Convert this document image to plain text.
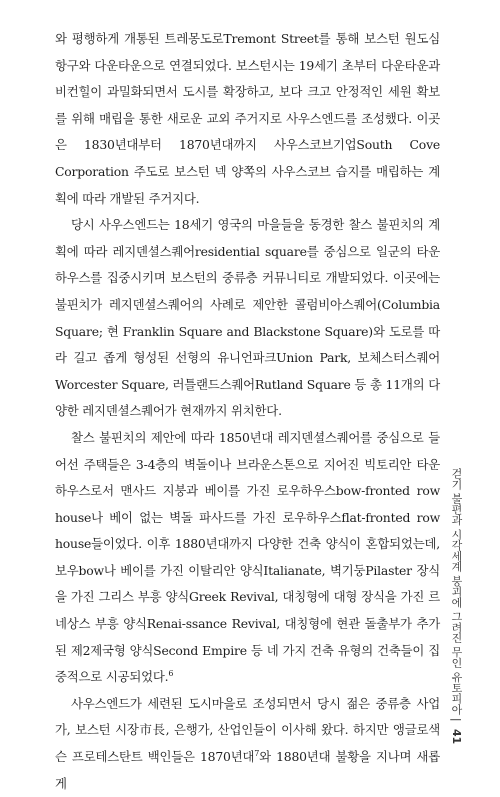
와 평행하게 개통된 트레몽도로Tremont Street를 통해 보스턴 원도심 항구와 다운타운으로 연결되었다. 보스턴시는 19세기 초부터 다운타운과 비컨힐이 과밀화되면서 도시를 확장하고, 보다 크고 안정적인 세원 확보를 위해 매립을 통한 새로운 교외 주거지로 사우스엔드를 조성했다. 이곳은 1830년대부터 1870년대까지 사우스코브기업South Cove Corporation 주도로 보스턴 넥 양쪽의 사우스코브 습지를 매립하는 계획에 따라 개발된 주거지다.

당시 사우스엔드는 18세기 영국의 마을들을 동경한 찰스 불핀치의 계획에 따라 레지덴셜스퀘어residential square를 중심으로 일군의 타운하우스를 집중시키며 보스턴의 중류층 커뮤니티로 개발되었다. 이곳에는 불핀치가 레지덴셜스퀘어의 사례로 제안한 콜럼비아스퀘어(Columbia Square; 현 Franklin Square and Blackstone Square)와 도로를 따라 길고 좁게 형성된 선형의 유니언파크Union Park, 보체스터스퀘어Worcester Square, 러틀랜드스퀘어Rutland Square 등 총 11개의 다양한 레지덴셜스퀘어가 현재까지 위치한다.

찰스 불핀치의 제안에 따라 1850년대 레지덴셜스퀘어를 중심으로 들어선 주택들은 3-4층의 벽돌이나 브라운스톤으로 지어진 빅토리안 타운하우스로서 맨사드 지붕과 베이를 가진 로우하우스bow-fronted row house나 베이 없는 벽돌 파사드를 가진 로우하우스flat-fronted row house들이었다. 이후 1880년대까지 다양한 건축 양식이 혼합되었는데, 보우bow나 베이를 가진 이탈리안 양식Italianate, 벽기둥Pilaster 장식을 가진 그리스 부흥 양식Greek Revival, 대칭형에 대형 장식을 가진 르네상스 부흥 양식Renai-ssance Revival, 대칭형에 현관 돌출부가 추가된 제2제국형 양식Second Empire 등 네 가지 건축 유형의 건축들이 집중적으로 시공되었다.$^6$

사우스엔드가 세련된 도시마을로 조성되면서 당시 젊은 중류층 사업가, 보스턴 시장市長, 은행가, 산업인들이 이사해 왔다. 하지만 앵글로색슨 프로테스탄트 백인들은 1870년대$^7$와 1880년대 불황을 지나며 새롭게

걷기 불편과 시각세계 붕괴에 그려진 무인 유토피아 | 41
